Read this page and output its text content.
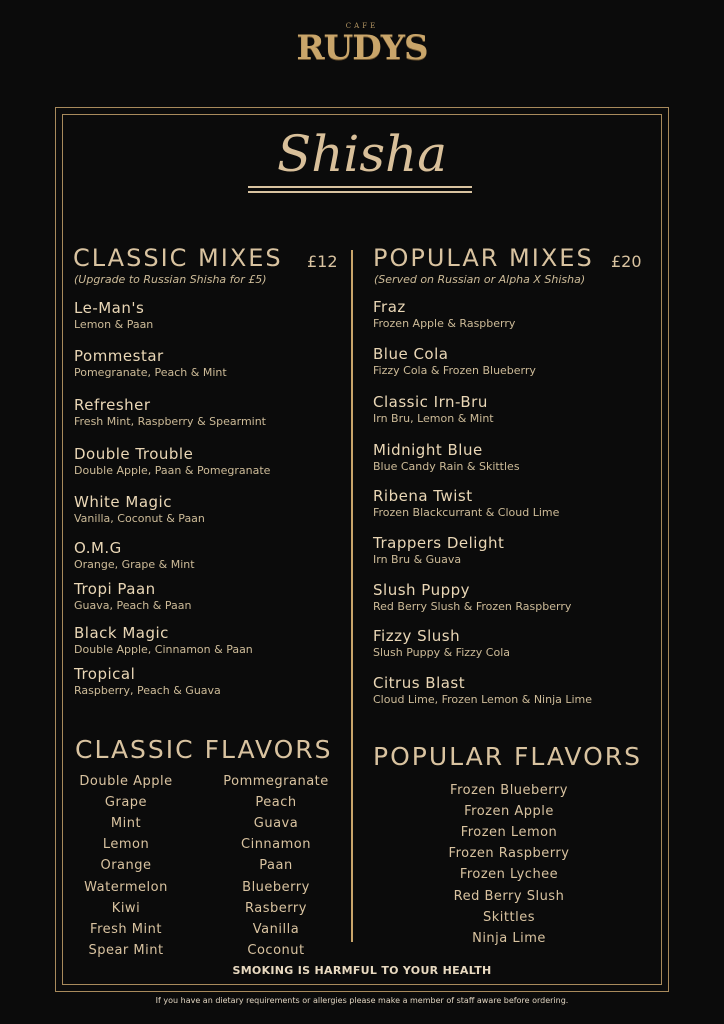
CAFE
RUDYS
Shisha
CLASSIC MIXES £12
(Upgrade to Russian Shisha for £5)
Le-Man's
Lemon & Paan
Pommestar
Pomegranate, Peach & Mint
Refresher
Fresh Mint, Raspberry & Spearmint
Double Trouble
Double Apple, Paan & Pomegranate
White Magic
Vanilla, Coconut & Paan
O.M.G
Orange, Grape & Mint
Tropi Paan
Guava, Peach & Paan
Black Magic
Double Apple, Cinnamon & Paan
Tropical
Raspberry, Peach & Guava
POPULAR MIXES £20
(Served on Russian or Alpha X Shisha)
Fraz
Frozen Apple & Raspberry
Blue Cola
Fizzy Cola & Frozen Blueberry
Classic Irn-Bru
Irn Bru, Lemon & Mint
Midnight Blue
Blue Candy Rain & Skittles
Ribena Twist
Frozen Blackcurrant & Cloud Lime
Trappers Delight
Irn Bru & Guava
Slush Puppy
Red Berry Slush & Frozen Raspberry
Fizzy Slush
Slush Puppy & Fizzy Cola
Citrus Blast
Cloud Lime, Frozen Lemon & Ninja Lime
CLASSIC FLAVORS
Double Apple
Grape
Mint
Lemon
Orange
Watermelon
Kiwi
Fresh Mint
Spear Mint
Pommegranate
Peach
Guava
Cinnamon
Paan
Blueberry
Rasberry
Vanilla
Coconut
POPULAR FLAVORS
Frozen Blueberry
Frozen Apple
Frozen Lemon
Frozen Raspberry
Frozen Lychee
Red Berry Slush
Skittles
Ninja Lime
SMOKING IS HARMFUL TO YOUR HEALTH
If you have an dietary requirements or allergies please make a member of staff aware before ordering.
